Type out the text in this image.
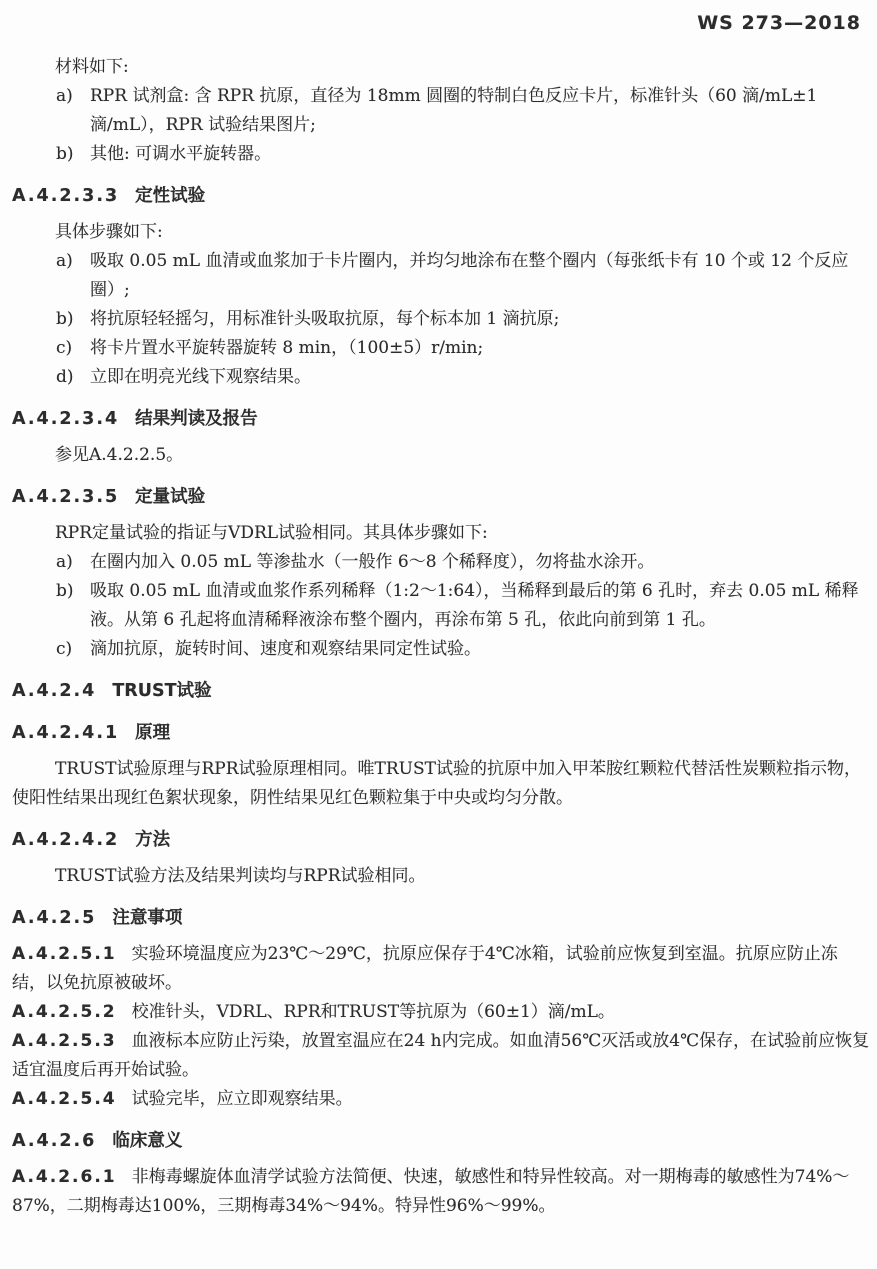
WS 273—2018

材料如下:

a) RPR 试剂盒: 含 RPR 抗原，直径为 18mm 圆圈的特制白色反应卡片，标准针头（60 滴/mL±1 滴/mL），RPR 试验结果图片;
b) 其他: 可调水平旋转器。
A.4.2.3.3 定性试验

具体步骤如下:

a) 吸取 0.05 mL 血清或血浆加于卡片圈内，并均匀地涂布在整个圈内（每张纸卡有 10 个或 12 个反应圈）;
b) 将抗原轻轻摇匀，用标准针头吸取抗原，每个标本加 1 滴抗原;
c) 将卡片置水平旋转器旋转 8 min，（100±5）r/min;
d) 立即在明亮光线下观察结果。
A.4.2.3.4 结果判读及报告

参见A.4.2.2.5。

A.4.2.3.5 定量试验

RPR定量试验的指证与VDRL试验相同。其具体步骤如下:

a) 在圈内加入 0.05 mL 等渗盐水（一般作 6～8 个稀释度），勿将盐水涂开。
b) 吸取 0.05 mL 血清或血浆作系列稀释（1:2～1:64），当稀释到最后的第 6 孔时，弃去 0.05 mL 稀释液。从第 6 孔起将血清稀释液涂布整个圈内，再涂布第 5 孔，依此向前到第 1 孔。
c) 滴加抗原，旋转时间、速度和观察结果同定性试验。
A.4.2.4 TRUST试验
A.4.2.4.1 原理

TRUST试验原理与RPR试验原理相同。唯TRUST试验的抗原中加入甲苯胺红颗粒代替活性炭颗粒指示物，使阳性结果出现红色絮状现象，阴性结果见红色颗粒集于中央或均匀分散。

A.4.2.4.2 方法

TRUST试验方法及结果判读均与RPR试验相同。

A.4.2.5 注意事项

A.4.2.5.1 实验环境温度应为23℃～29℃，抗原应保存于4℃冰箱，试验前应恢复到室温。抗原应防止冻结，以免抗原被破坏。

A.4.2.5.2 校准针头，VDRL、RPR和TRUST等抗原为（60±1）滴/mL。

A.4.2.5.3 血液标本应防止污染，放置室温应在24 h内完成。如血清56℃灭活或放4℃保存，在试验前应恢复适宜温度后再开始试验。

A.4.2.5.4 试验完毕，应立即观察结果。

A.4.2.6 临床意义

A.4.2.6.1 非梅毒螺旋体血清学试验方法简便、快速，敏感性和特异性较高。对一期梅毒的敏感性为74%～87%，二期梅毒达100%，三期梅毒34%～94%。特异性96%～99%。
